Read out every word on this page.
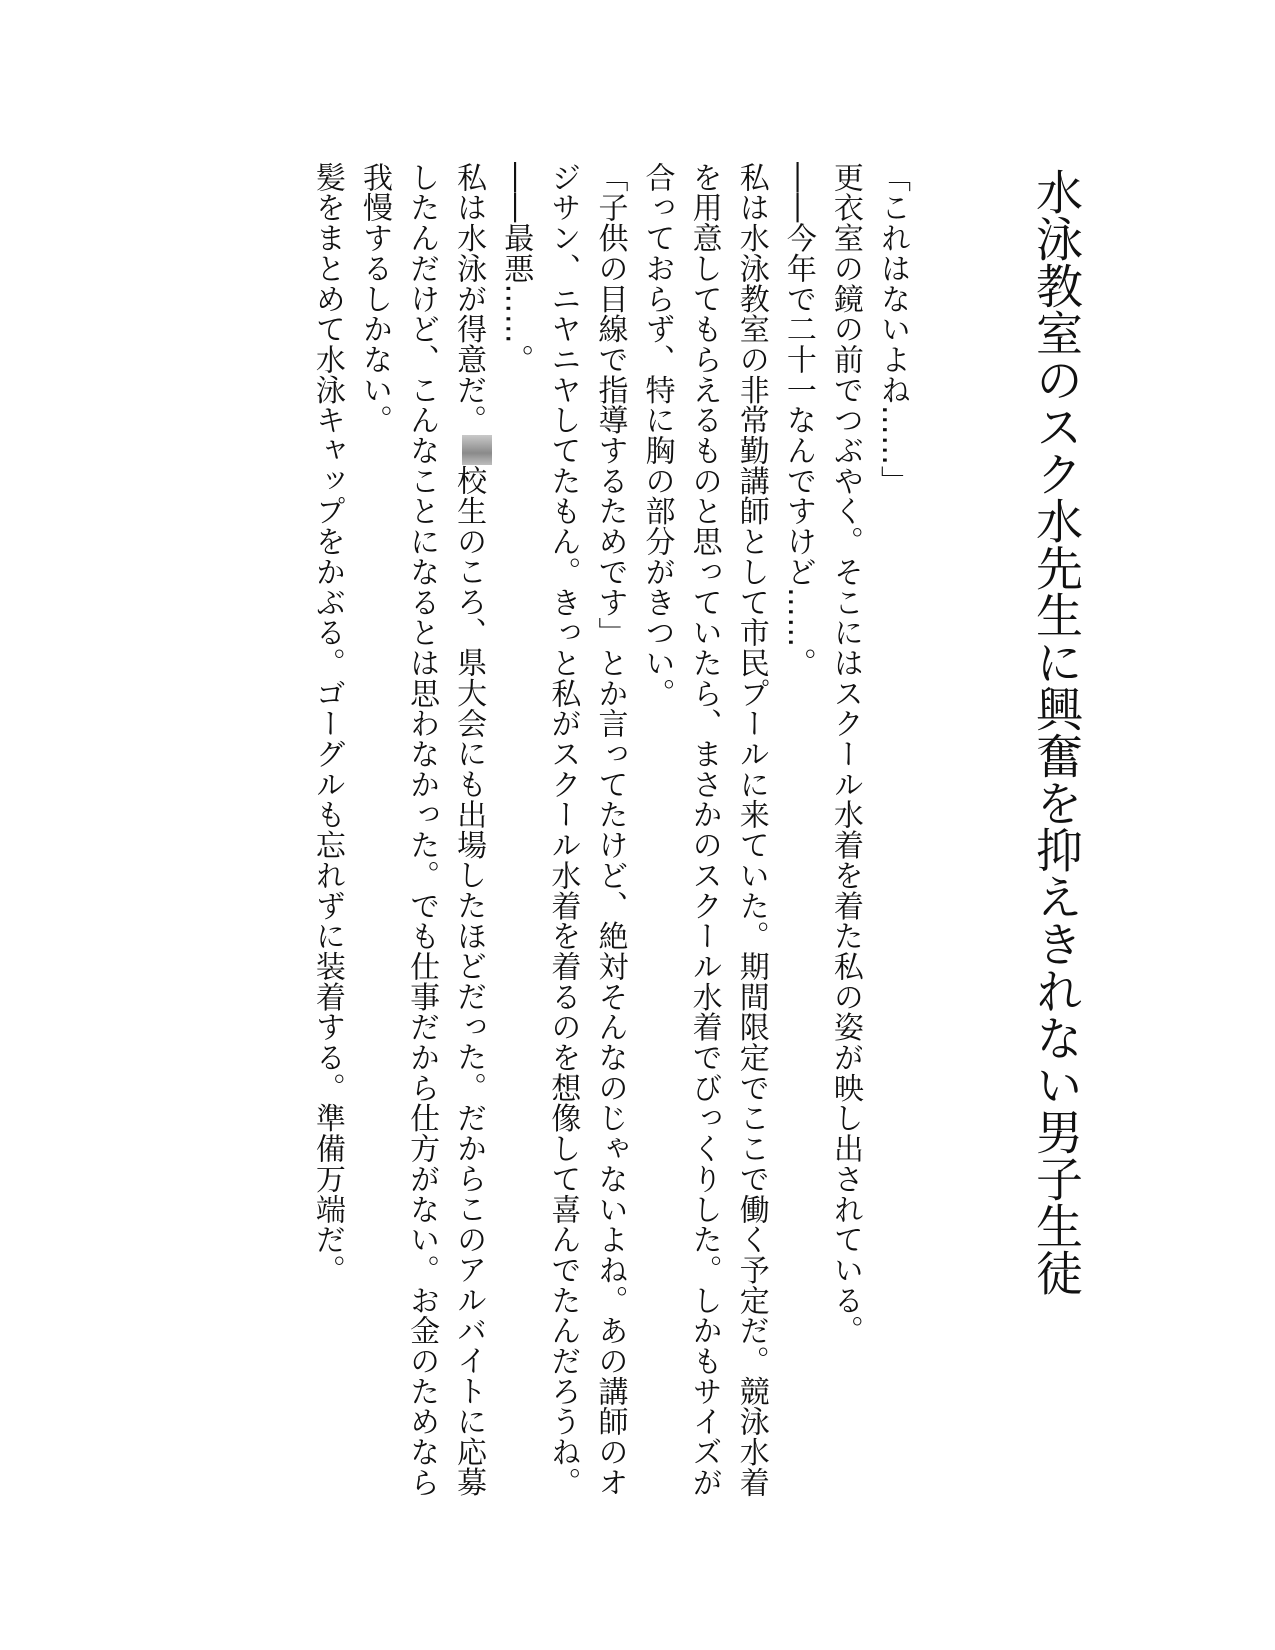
水泳教室のスク水先生に興奮を抑えきれない男子生徒

「これはないよね……」

更衣室の鏡の前でつぶやく。そこにはスクール水着を着た私の姿が映し出されている。

――今年で二十一なんですけど……。

私は水泳教室の非常勤講師として市民プールに来ていた。期間限定でここで働く予定だ。競泳水着を用意してもらえるものと思っていたら、まさかのスクール水着でびっくりした。しかもサイズが合っておらず、特に胸の部分がきつい。

「子供の目線で指導するためです」とか言ってたけど、絶対そんなのじゃないよね。あの講師のオジサン、ニヤニヤしてたもん。きっと私がスクール水着を着るのを想像して喜んでたんだろうね。

――最悪……。

私は水泳が得意だ。校生のころ、県大会にも出場したほどだった。だからこのアルバイトに応募したんだけど、こんなことになるとは思わなかった。でも仕事だから仕方がない。お金のためなら我慢するしかない。

髪をまとめて水泳キャップをかぶる。ゴーグルも忘れずに装着する。準備万端だ。
